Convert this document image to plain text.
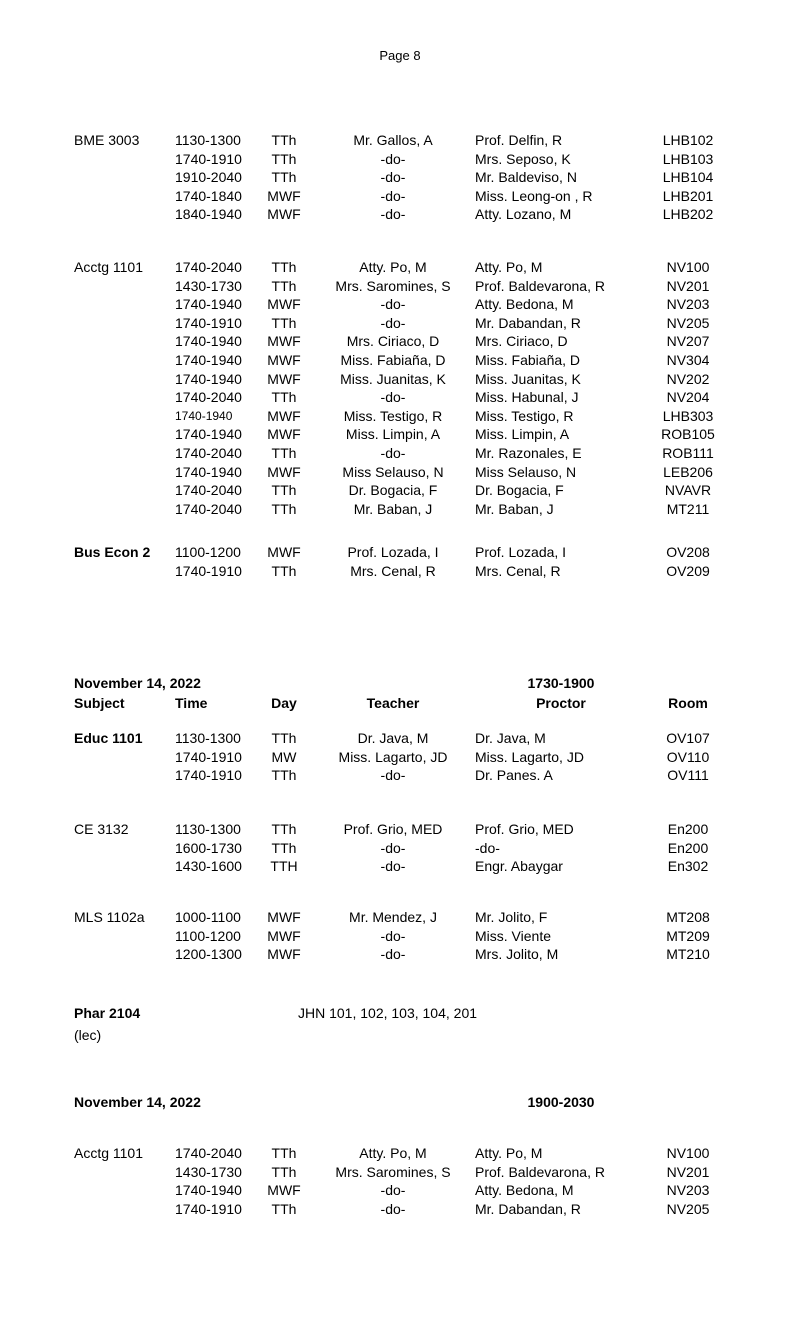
Page 8
BME 3003	1130-1300	TTh	Mr. Gallos, A	Prof. Delfin, R	LHB102
1740-1910	TTh	-do-	Mrs. Seposo, K	LHB103
1910-2040	TTh	-do-	Mr. Baldeviso, N	LHB104
1740-1840	MWF	-do-	Miss. Leong-on , R	LHB201
1840-1940	MWF	-do-	Atty. Lozano, M	LHB202
Acctg 1101	1740-2040	TTh	Atty. Po, M	Atty. Po, M	NV100
1430-1730	TTh	Mrs. Saromines, S	Prof. Baldevarona, R	NV201
1740-1940	MWF	-do-	Atty. Bedona, M	NV203
1740-1910	TTh	-do-	Mr. Dabandan, R	NV205
1740-1940	MWF	Mrs. Ciriaco, D	Mrs. Ciriaco, D	NV207
1740-1940	MWF	Miss. Fabiaña, D	Miss. Fabiaña, D	NV304
1740-1940	MWF	Miss. Juanitas, K	Miss. Juanitas, K	NV202
1740-2040	TTh	-do-	Miss. Habunal, J	NV204
1740-1940	MWF	Miss. Testigo, R	Miss. Testigo, R	LHB303
1740-1940	MWF	Miss. Limpin, A	Miss. Limpin, A	ROB105
1740-2040	TTh	-do-	Mr. Razonales, E	ROB111
1740-1940	MWF	Miss Selauso, N	Miss Selauso, N	LEB206
1740-2040	TTh	Dr. Bogacia, F	Dr. Bogacia, F	NVAVR
1740-2040	TTh	Mr. Baban, J	Mr. Baban, J	MT211
Bus Econ 2	1100-1200	MWF	Prof. Lozada, I	Prof. Lozada, I	OV208
1740-1910	TTh	Mrs. Cenal, R	Mrs. Cenal, R	OV209
November 14, 2022	1730-1900
Subject	Time	Day	Teacher	Proctor	Room
Educ 1101	1130-1300	TTh	Dr. Java, M	Dr. Java, M	OV107
1740-1910	MW	Miss. Lagarto, JD	Miss. Lagarto, JD	OV110
1740-1910	TTh	-do-	Dr. Panes. A	OV111
CE 3132	1130-1300	TTh	Prof. Grio, MED	Prof. Grio, MED	En200
1600-1730	TTh	-do-	-do-	En200
1430-1600	TTH	-do-	Engr. Abaygar	En302
MLS 1102a	1000-1100	MWF	Mr. Mendez, J	Mr. Jolito, F	MT208
1100-1200	MWF	-do-	Miss. Viente	MT209
1200-1300	MWF	-do-	Mrs. Jolito, M	MT210
Phar 2104	JHN 101, 102, 103, 104, 201
(lec)
November 14, 2022	1900-2030
Acctg 1101	1740-2040	TTh	Atty. Po, M	Atty. Po, M	NV100
1430-1730	TTh	Mrs. Saromines, S	Prof. Baldevarona, R	NV201
1740-1940	MWF	-do-	Atty. Bedona, M	NV203
1740-1910	TTh	-do-	Mr. Dabandan, R	NV205
